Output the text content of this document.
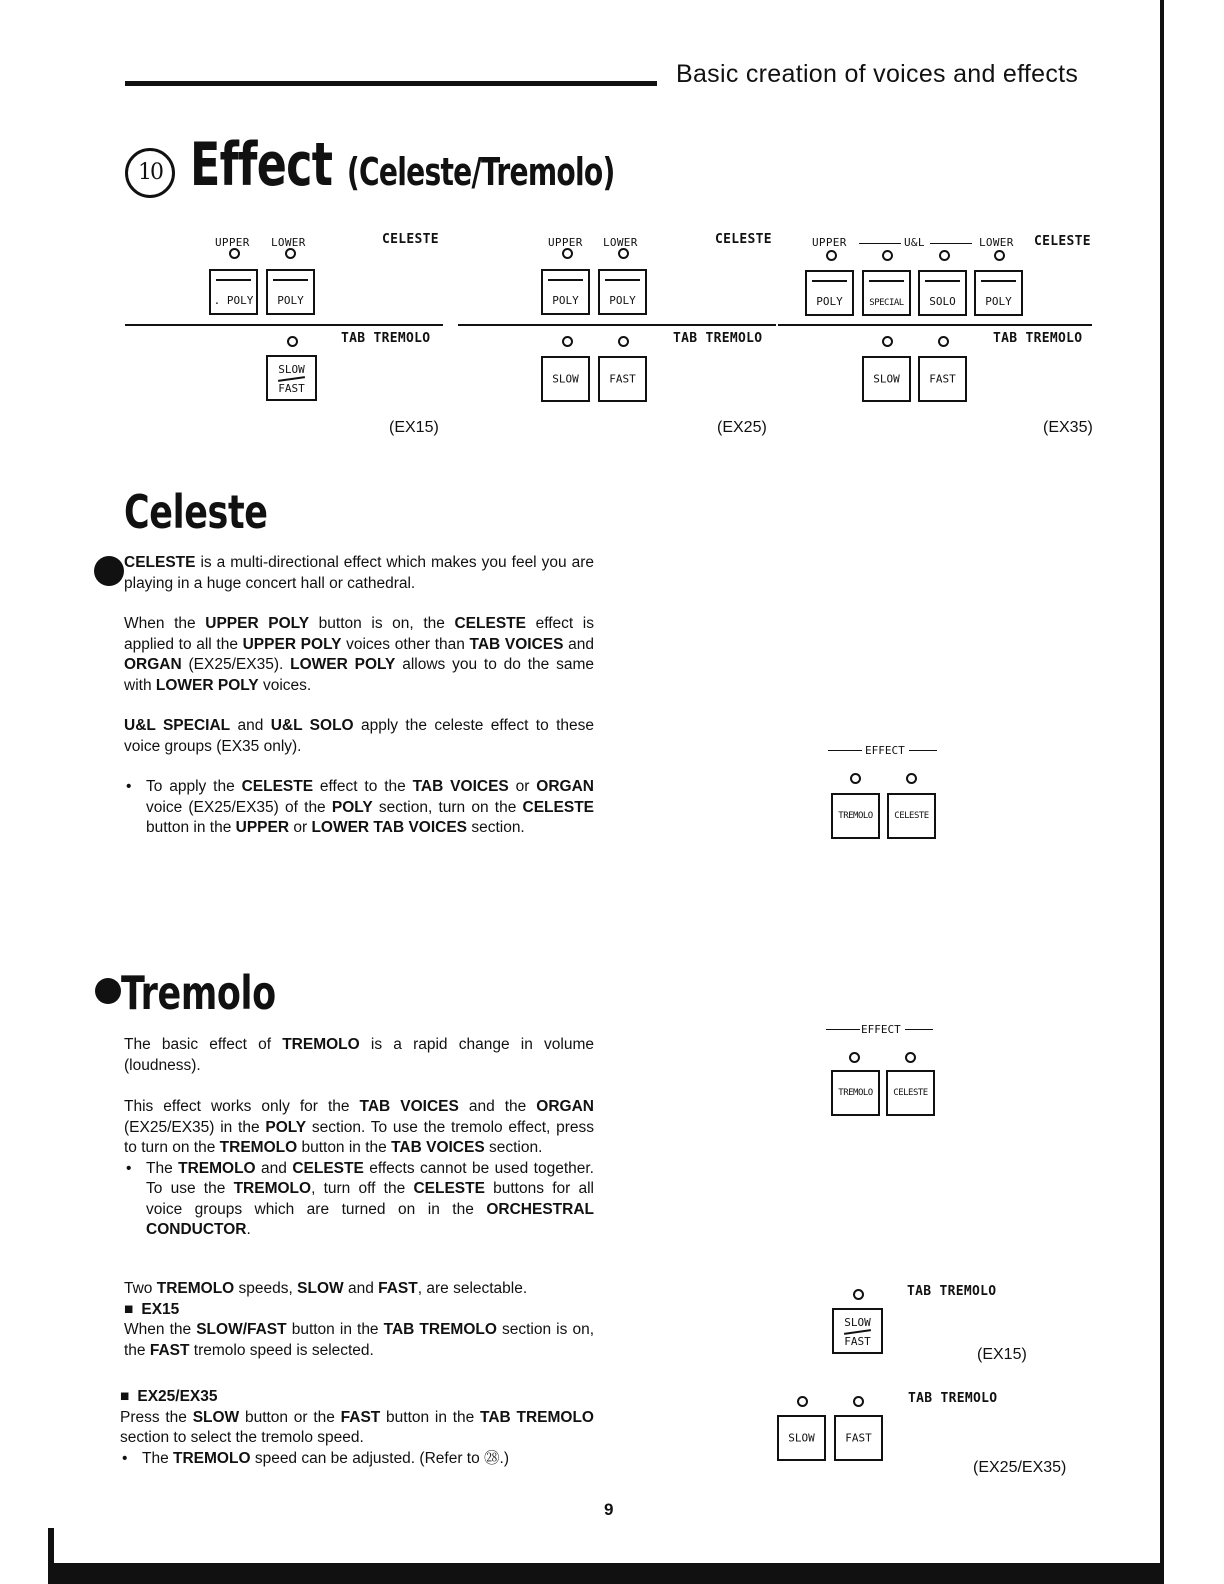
Basic creation of voices and effects
10 Effect (Celeste/Tremolo)
UPPER LOWER	CELESTE
. POLY	POLY
TAB TREMOLO
SLOW
FAST
(EX15)
UPPER LOWER	CELESTE
POLY	POLY
TAB TREMOLO
SLOW	FAST
(EX25)
UPPER	U&L	LOWER CELESTE
POLY	SPECIAL	SOLO	POLY
TAB TREMOLO
SLOW	FAST
(EX35)
Celeste
CELESTE is a multi-directional effect which makes you feel you are playing in a huge concert hall or cathedral.
When the UPPER POLY button is on, the CELESTE effect is applied to all the UPPER POLY voices other than TAB VOICES and ORGAN (EX25/EX35). LOWER POLY allows you to do the same with LOWER POLY voices.
U&L SPECIAL and U&L SOLO apply the celeste effect to these voice groups (EX35 only).
• To apply the CELESTE effect to the TAB VOICES or ORGAN voice (EX25/EX35) of the POLY section, turn on the CELESTE button in the UPPER or LOWER TAB VOICES section.
EFFECT
TREMOLO	CELESTE
Tremolo
The basic effect of TREMOLO is a rapid change in volume (loudness).
This effect works only for the TAB VOICES and the ORGAN (EX25/EX35) in the POLY section. To use the tremolo effect, press to turn on the TREMOLO button in the TAB VOICES section.
• The TREMOLO and CELESTE effects cannot be used together. To use the TREMOLO, turn off the CELESTE buttons for all voice groups which are turned on in the ORCHESTRAL CONDUCTOR.
Two TREMOLO speeds, SLOW and FAST, are selectable.
■ EX15
When the SLOW/FAST button in the TAB TREMOLO section is on, the FAST tremolo speed is selected.
■ EX25/EX35
Press the SLOW button or the FAST button in the TAB TREMOLO section to select the tremolo speed.
• The TREMOLO speed can be adjusted. (Refer to ㉘.)
EFFECT
TREMOLO	CELESTE
TAB TREMOLO
SLOW
FAST
(EX15)
TAB TREMOLO
SLOW	FAST
(EX25/EX35)
9
